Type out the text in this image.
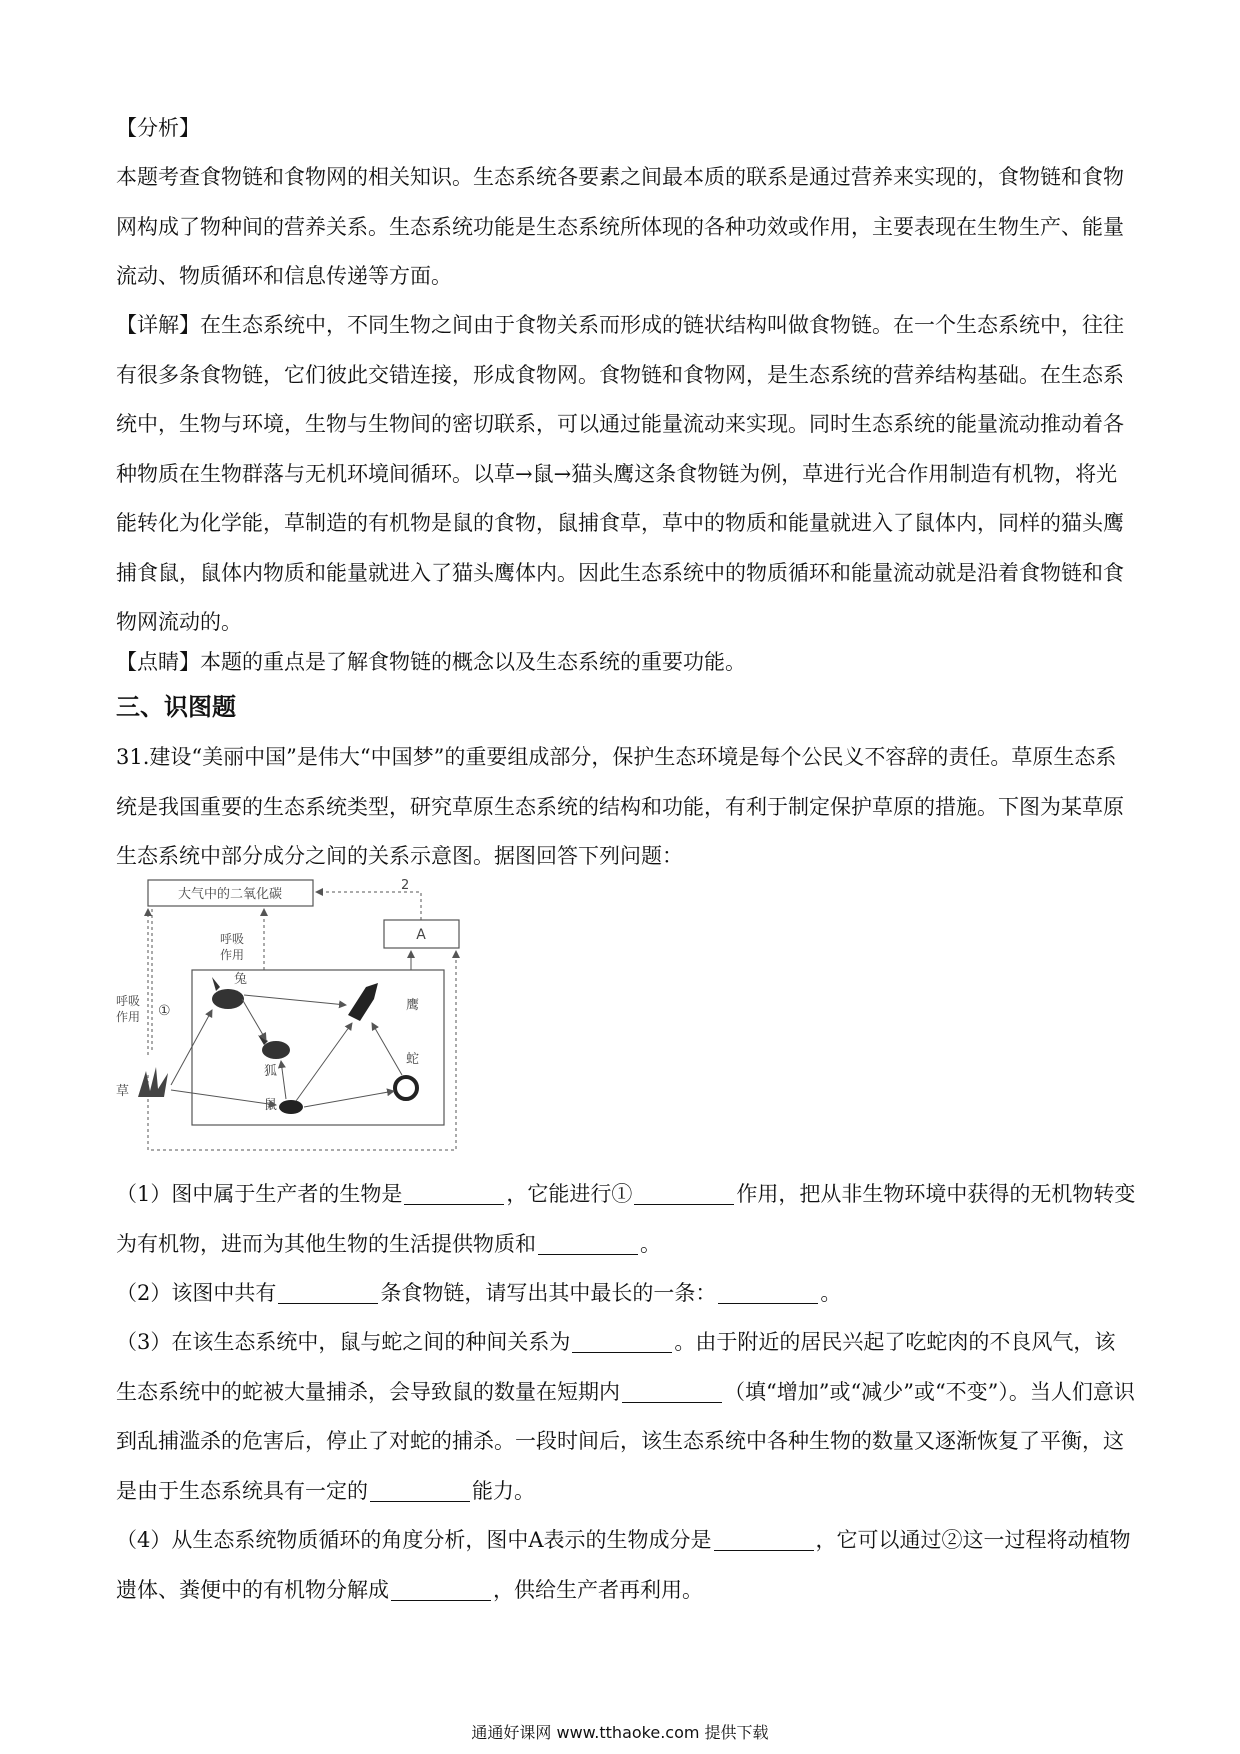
【分析】

本题考查食物链和食物网的相关知识。生态系统各要素之间最本质的联系是通过营养来实现的，食物链和食物网构成了物种间的营养关系。生态系统功能是生态系统所体现的各种功效或作用，主要表现在生物生产、能量流动、物质循环和信息传递等方面。

【详解】在生态系统中，不同生物之间由于食物关系而形成的链状结构叫做食物链。在一个生态系统中，往往有很多条食物链，它们彼此交错连接，形成食物网。食物链和食物网，是生态系统的营养结构基础。在生态系统中，生物与环境，生物与生物间的密切联系，可以通过能量流动来实现。同时生态系统的能量流动推动着各种物质在生物群落与无机环境间循环。以草→鼠→猫头鹰这条食物链为例，草进行光合作用制造有机物，将光能转化为化学能，草制造的有机物是鼠的食物，鼠捕食草，草中的物质和能量就进入了鼠体内，同样的猫头鹰捕食鼠，鼠体内物质和能量就进入了猫头鹰体内。因此生态系统中的物质循环和能量流动就是沿着食物链和食物网流动的。

【点睛】本题的重点是了解食物链的概念以及生态系统的重要功能。

三、识图题

31.建设“美丽中国”是伟大“中国梦”的重要组成部分，保护生态环境是每个公民义不容辞的责任。草原生态系统是我国重要的生态系统类型，研究草原生态系统的结构和功能，有利于制定保护草原的措施。下图为某草原生态系统中部分成分之间的关系示意图。据图回答下列问题：

大气中的二氧化碳
A
2
呼吸
作用 ①
呼吸
作用
草
兔
狐
鼠
鹰
蛇

（1）图中属于生产者的生物是	，它能进行①	作用，把从非生物环境中获得的无机物转变为有机物，进而为其他生物的生活提供物质和	。

（2）该图中共有	条食物链，请写出其中最长的一条：	。

（3）在该生态系统中，鼠与蛇之间的种间关系为	。由于附近的居民兴起了吃蛇肉的不良风气，该生态系统中的蛇被大量捕杀，会导致鼠的数量在短期内	（填“增加”或“减少”或“不变”）。当人们意识到乱捕滥杀的危害后，停止了对蛇的捕杀。一段时间后，该生态系统中各种生物的数量又逐渐恢复了平衡，这是由于生态系统具有一定的	能力。

（4）从生态系统物质循环的角度分析，图中A表示的生物成分是	，它可以通过②这一过程将动植物遗体、粪便中的有机物分解成	，供给生产者再利用。

通通好课网 www.tthaoke.com 提供下载
